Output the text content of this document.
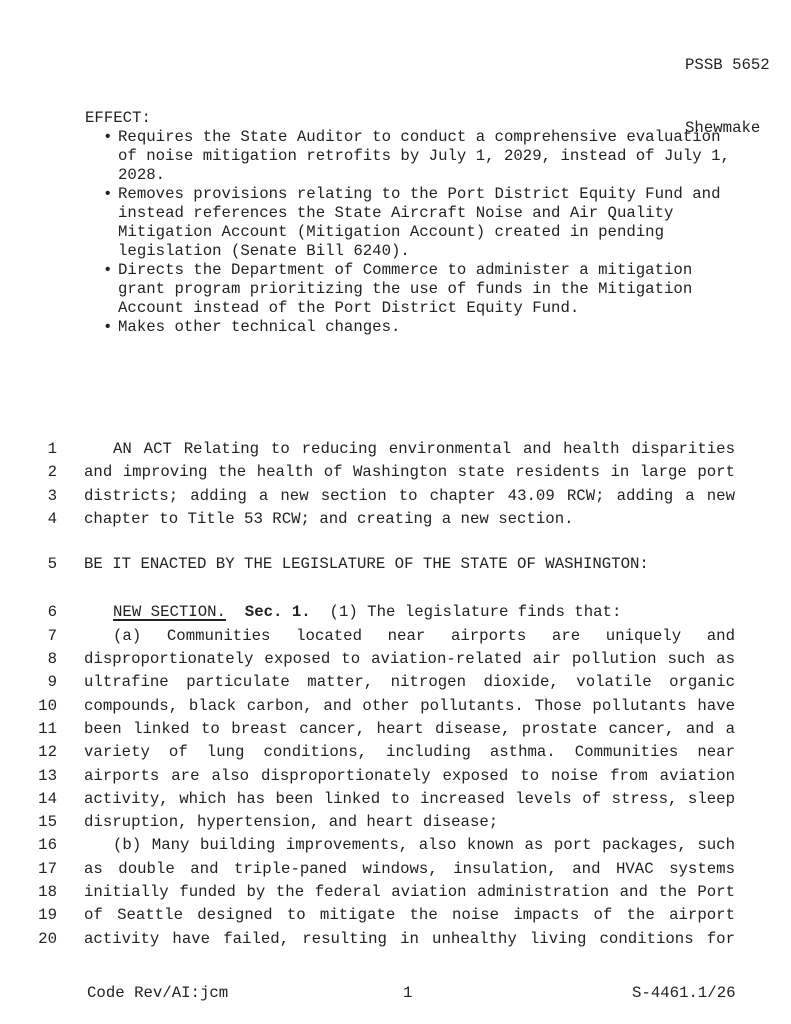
PSSB 5652

Shewmake

EFFECT:
• Requires the State Auditor to conduct a comprehensive evaluation
of noise mitigation retrofits by July 1, 2029, instead of July 1,
2028.
• Removes provisions relating to the Port District Equity Fund and
instead references the State Aircraft Noise and Air Quality
Mitigation Account (Mitigation Account) created in pending
legislation (Senate Bill 6240).
• Directs the Department of Commerce to administer a mitigation
grant program prioritizing the use of funds in the Mitigation
Account instead of the Port District Equity Fund.
• Makes other technical changes.
1	AN ACT Relating to reducing environmental and health disparities
2 and improving the health of Washington state residents in large port
3 districts; adding a new section to chapter 43.09 RCW; adding a new
4 chapter to Title 53 RCW; and creating a new section.
5 BE IT ENACTED BY THE LEGISLATURE OF THE STATE OF WASHINGTON:
6	NEW SECTION. Sec. 1.  (1) The legislature finds that:
7	(a) Communities located near airports are uniquely and
8 disproportionately exposed to aviation-related air pollution such as
9 ultrafine particulate matter, nitrogen dioxide, volatile organic
10 compounds, black carbon, and other pollutants. Those pollutants have
11 been linked to breast cancer, heart disease, prostate cancer, and a
12 variety of lung conditions, including asthma. Communities near
13 airports are also disproportionately exposed to noise from aviation
14 activity, which has been linked to increased levels of stress, sleep
15 disruption, hypertension, and heart disease;
16	(b) Many building improvements, also known as port packages, such
17 as double and triple-paned windows, insulation, and HVAC systems
18 initially funded by the federal aviation administration and the Port
19 of Seattle designed to mitigate the noise impacts of the airport
20 activity have failed, resulting in unhealthy living conditions for
Code Rev/AI:jcm	1	S-4461.1/26
